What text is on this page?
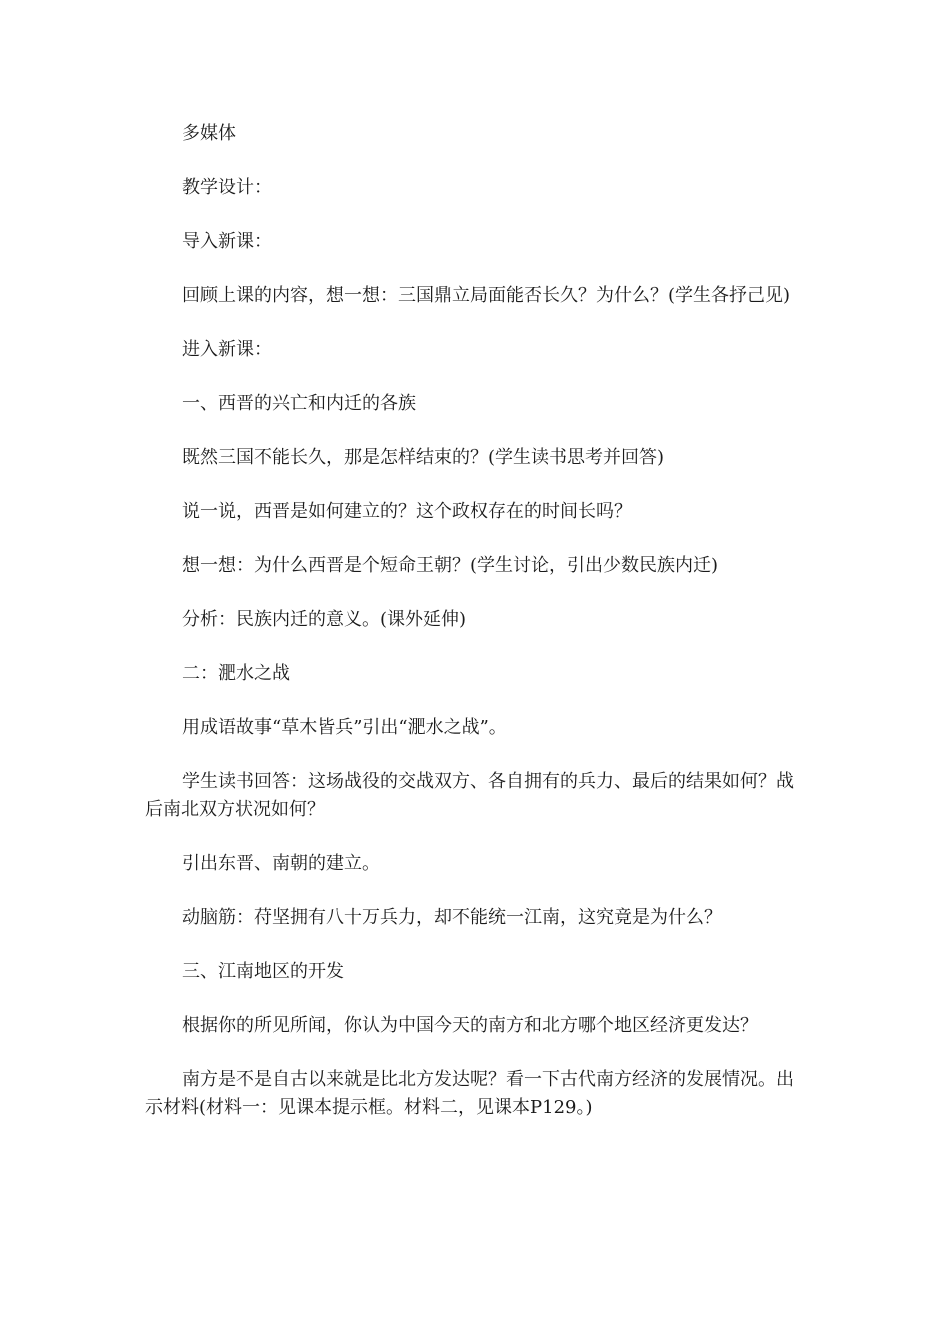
多媒体

教学设计：

导入新课：

回顾上课的内容，想一想：三国鼎立局面能否长久？为什么？(学生各抒己见)

进入新课：

一、西晋的兴亡和内迁的各族

既然三国不能长久，那是怎样结束的？(学生读书思考并回答)

说一说，西晋是如何建立的？这个政权存在的时间长吗？

想一想：为什么西晋是个短命王朝？(学生讨论，引出少数民族内迁)

分析：民族内迁的意义。(课外延伸)

二：淝水之战

用成语故事“草木皆兵”引出“淝水之战”。

学生读书回答：这场战役的交战双方、各自拥有的兵力、最后的结果如何？战后南北双方状况如何？

引出东晋、南朝的建立。

动脑筋：苻坚拥有八十万兵力，却不能统一江南，这究竟是为什么？

三、江南地区的开发

根据你的所见所闻，你认为中国今天的南方和北方哪个地区经济更发达？

南方是不是自古以来就是比北方发达呢？看一下古代南方经济的发展情况。出示材料(材料一：见课本提示框。材料二，见课本P129。)
